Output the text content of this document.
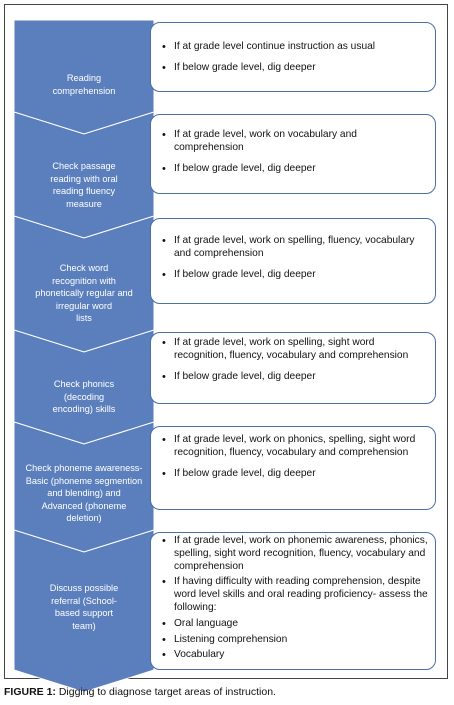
Reading
comprehension
• If at grade level continue instruction as usual
• If below grade level, dig deeper
Check passage
reading with oral
reading fluency
measure
• If at grade level, work on vocabulary and comprehension
• If below grade level, dig deeper
Check word
recognition with
phonetically regular and
irregular word
lists
• If at grade level, work on spelling, fluency, vocabulary and comprehension
• If below grade level, dig deeper
Check phonics
(decoding
encoding) skills
• If at grade level, work on spelling, sight word recognition, fluency, vocabulary and comprehension
• If below grade level, dig deeper
Check phoneme awareness-
Basic (phoneme segmention
and blending) and
Advanced (phoneme
deletion)
• If at grade level, work on phonics, spelling, sight word recognition, fluency, vocabulary and comprehension
• If below grade level, dig deeper
Discuss possible
referral (School-
based support
team)
• If at grade level, work on phonemic awareness, phonics, spelling, sight word recognition, fluency, vocabulary and comprehension
• If having difficulty with reading comprehension, despite word level skills and oral reading proficiency- assess the following:
• Oral language
• Listening comprehension
• Vocabulary
FIGURE 1: Digging to diagnose target areas of instruction.
